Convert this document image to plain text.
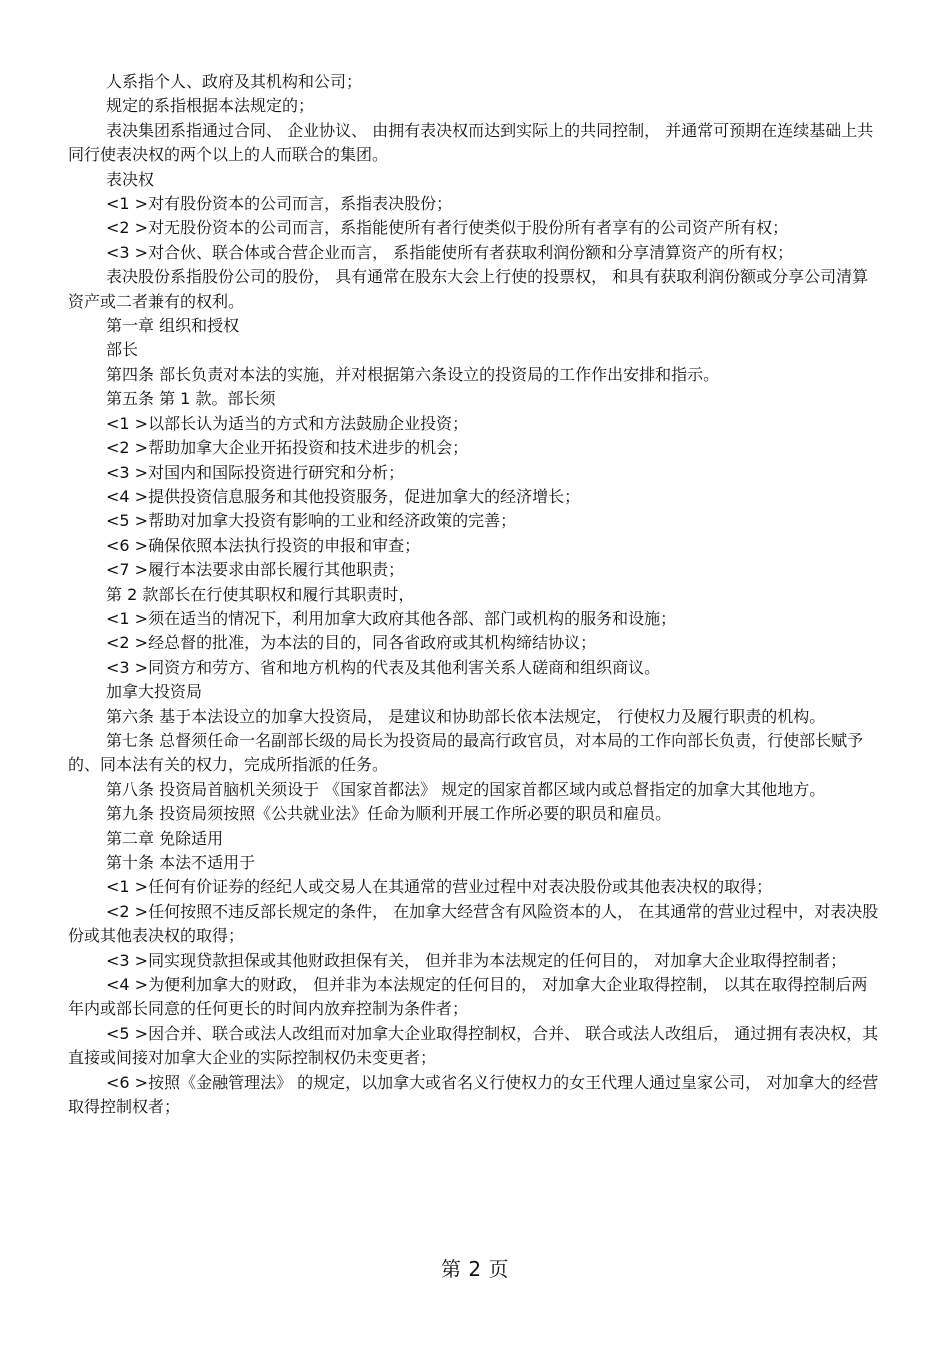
人系指个人、政府及其机构和公司；

规定的系指根据本法规定的；

表决集团系指通过合同、 企业协议、 由拥有表决权而达到实际上的共同控制， 并通常可预期在连续基础上共同行使表决权的两个以上的人而联合的集团。

表决权

<1 >对有股份资本的公司而言，系指表决股份；

<2 >对无股份资本的公司而言，系指能使所有者行使类似于股份所有者享有的公司资产所有权；

<3 >对合伙、联合体或合营企业而言， 系指能使所有者获取利润份额和分享清算资产的所有权；

表决股份系指股份公司的股份， 具有通常在股东大会上行使的投票权， 和具有获取利润份额或分享公司清算资产或二者兼有的权利。

第一章 组织和授权

部长

第四条 部长负责对本法的实施，并对根据第六条设立的投资局的工作作出安排和指示。

第五条 第 1 款。部长须

<1 >以部长认为适当的方式和方法鼓励企业投资；

<2 >帮助加拿大企业开拓投资和技术进步的机会；

<3 >对国内和国际投资进行研究和分析；

<4 >提供投资信息服务和其他投资服务，促进加拿大的经济增长；

<5 >帮助对加拿大投资有影响的工业和经济政策的完善；

<6 >确保依照本法执行投资的申报和审查；

<7 >履行本法要求由部长履行其他职责；

第 2 款部长在行使其职权和履行其职责时，

<1 >须在适当的情况下，利用加拿大政府其他各部、部门或机构的服务和设施；

<2 >经总督的批准，为本法的目的，同各省政府或其机构缔结协议；

<3 >同资方和劳方、省和地方机构的代表及其他利害关系人磋商和组织商议。

加拿大投资局

第六条 基于本法设立的加拿大投资局， 是建议和协助部长依本法规定， 行使权力及履行职责的机构。

第七条 总督须任命一名副部长级的局长为投资局的最高行政官员，对本局的工作向部长负责，行使部长赋予的、同本法有关的权力，完成所指派的任务。

第八条 投资局首脑机关须设于 《国家首都法》 规定的国家首都区域内或总督指定的加拿大其他地方。

第九条 投资局须按照《公共就业法》任命为顺利开展工作所必要的职员和雇员。

第二章 免除适用

第十条 本法不适用于

<1 >任何有价证券的经纪人或交易人在其通常的营业过程中对表决股份或其他表决权的取得；

<2 >任何按照不违反部长规定的条件， 在加拿大经营含有风险资本的人， 在其通常的营业过程中，对表决股份或其他表决权的取得；

<3 >同实现贷款担保或其他财政担保有关， 但并非为本法规定的任何目的， 对加拿大企业取得控制者；

<4 >为便利加拿大的财政， 但并非为本法规定的任何目的， 对加拿大企业取得控制， 以其在取得控制后两年内或部长同意的任何更长的时间内放弃控制为条件者；

<5 >因合并、联合或法人改组而对加拿大企业取得控制权，合并、 联合或法人改组后， 通过拥有表决权，其直接或间接对加拿大企业的实际控制权仍未变更者；

<6 >按照《金融管理法》 的规定，以加拿大或省名义行使权力的女王代理人通过皇家公司， 对加拿大的经营取得控制权者；

第 2 页
